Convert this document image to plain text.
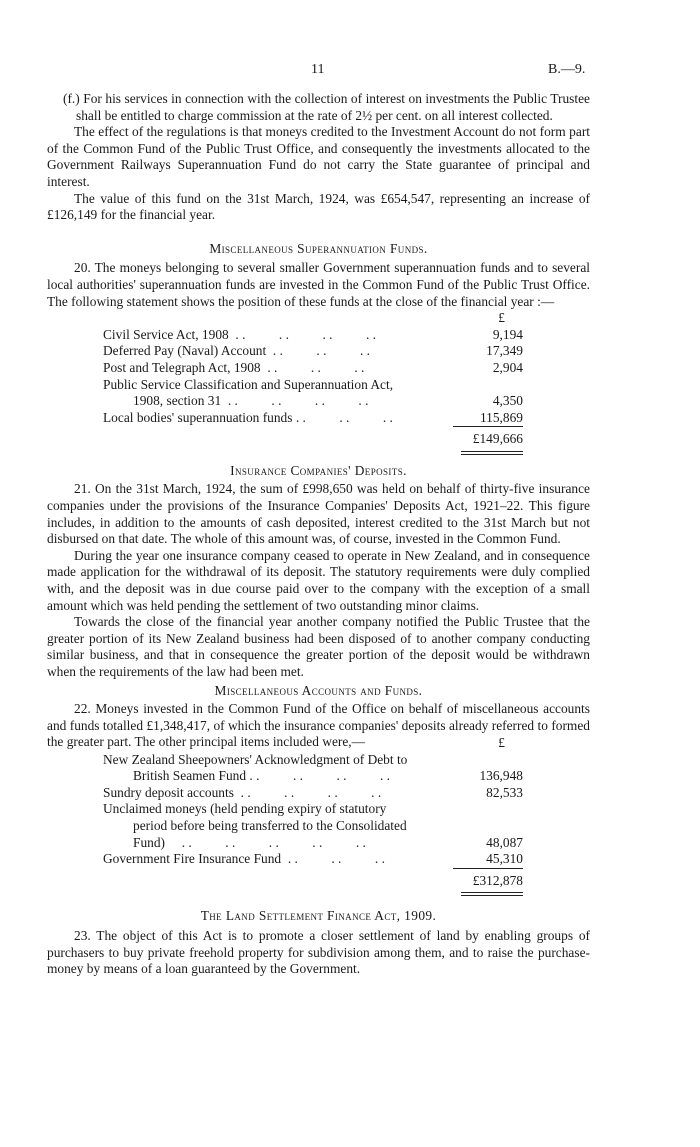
11	B.—9.

(f.) For his services in connection with the collection of interest on investments the Public Trustee shall be entitled to charge commission at the rate of 2½ per cent. on all interest collected.

The effect of the regulations is that moneys credited to the Investment Account do not form part of the Common Fund of the Public Trust Office, and consequently the investments allocated to the Government Railways Superannuation Fund do not carry the State guarantee of principal and interest.

The value of this fund on the 31st March, 1924, was £654,547, representing an increase of £126,149 for the financial year.

Miscellaneous Superannuation Funds.

20. The moneys belonging to several smaller Government superannuation funds and to several local authorities' superannuation funds are invested in the Common Fund of the Public Trust Office. The following statement shows the position of these funds at the close of the financial year :—

£
Civil Service Act, 1908  . .          . .          . .          . .	9,194
Deferred Pay (Naval) Account  . .          . .          . .	17,349
Post and Telegraph Act, 1908  . .          . .          . .	2,904
Public Service Classification and Superannuation Act,
1908, section 31  . .          . .          . .          . .	4,350
Local bodies' superannuation funds . .          . .          . .	115,869
£149,666

Insurance Companies' Deposits.

21. On the 31st March, 1924, the sum of £998,650 was held on behalf of thirty-five insurance companies under the provisions of the Insurance Companies' Deposits Act, 1921–22. This figure includes, in addition to the amounts of cash deposited, interest credited to the 31st March but not disbursed on that date. The whole of this amount was, of course, invested in the Common Fund.

During the year one insurance company ceased to operate in New Zealand, and in consequence made application for the withdrawal of its deposit. The statutory requirements were duly complied with, and the deposit was in due course paid over to the company with the exception of a small amount which was held pending the settlement of two outstanding minor claims.

Towards the close of the financial year another company notified the Public Trustee that the greater portion of its New Zealand business had been disposed of to another company conducting similar business, and that in consequence the greater portion of the deposit would be withdrawn when the requirements of the law had been met.

Miscellaneous Accounts and Funds.

22. Moneys invested in the Common Fund of the Office on behalf of miscellaneous accounts and funds totalled £1,348,417, of which the insurance companies' deposits already referred to formed the greater part. The other principal items included were,—	£
New Zealand Sheepowners' Acknowledgment of Debt to
British Seamen Fund . .          . .          . .          . .	136,948
Sundry deposit accounts  . .          . .          . .          . .	82,533
Unclaimed moneys (held pending expiry of statutory
period before being transferred to the Consolidated
Fund)     . .          . .          . .          . .          . .	48,087
Government Fire Insurance Fund  . .          . .          . .	45,310
£312,878

The Land Settlement Finance Act, 1909.

23. The object of this Act is to promote a closer settlement of land by enabling groups of purchasers to buy private freehold property for subdivision among them, and to raise the purchase-money by means of a loan guaranteed by the Government.
